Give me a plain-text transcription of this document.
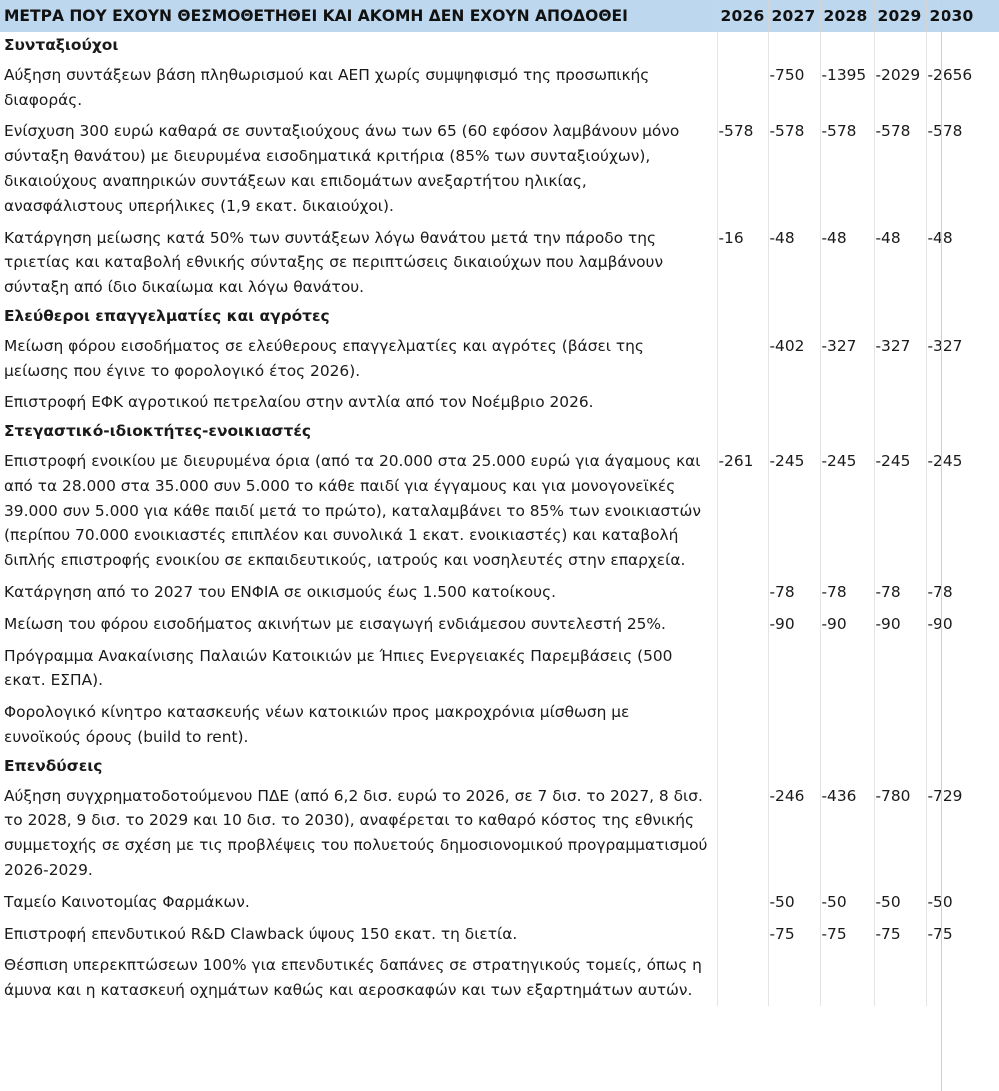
ΜΕΤΡΑ ΠΟΥ ΕΧΟΥΝ ΘΕΣΜΟΘΕΤΗΘΕΙ ΚΑΙ ΑΚΟΜΗ ΔΕΝ ΕΧΟΥΝ ΑΠΟΔΟΘΕΙ	2026	2027	2028	2029	2030
Συνταξιούχοι					
Αύξηση συντάξεων βάση πληθωρισμού και ΑΕΠ χωρίς συμψηφισμό της προσωπικής διαφοράς.		-750	-1395	-2029	-2656
Ενίσχυση 300 ευρώ καθαρά σε συνταξιούχους άνω των 65 (60 εφόσον λαμβάνουν μόνο σύνταξη θανάτου) με διευρυμένα εισοδηματικά κριτήρια (85% των συνταξιούχων), δικαιούχους αναπηρικών συντάξεων και επιδομάτων ανεξαρτήτου ηλικίας, ανασφάλιστους υπερήλικες (1,9 εκατ. δικαιούχοι).	-578	-578	-578	-578	-578
Κατάργηση μείωσης κατά 50% των συντάξεων λόγω θανάτου μετά την πάροδο της τριετίας και καταβολή εθνικής σύνταξης σε περιπτώσεις δικαιούχων που λαμβάνουν σύνταξη από ίδιο δικαίωμα και λόγω θανάτου.	-16	-48	-48	-48	-48
Ελεύθεροι επαγγελματίες και αγρότες					
Μείωση φόρου εισοδήματος σε ελεύθερους επαγγελματίες και αγρότες (βάσει της μείωσης που έγινε το φορολογικό έτος 2026).		-402	-327	-327	-327
Επιστροφή ΕΦΚ αγροτικού πετρελαίου στην αντλία από τον Νοέμβριο 2026.					
Στεγαστικό-ιδιοκτήτες-ενοικιαστές					
Επιστροφή ενοικίου με διευρυμένα όρια (από τα 20.000 στα 25.000 ευρώ για άγαμους και από τα 28.000 στα 35.000 συν 5.000 το κάθε παιδί για έγγαμους και για μονογονεϊκές 39.000 συν 5.000 για κάθε παιδί μετά το πρώτο), καταλαμβάνει το 85% των ενοικιαστών (περίπου 70.000 ενοικιαστές επιπλέον και συνολικά 1 εκατ. ενοικιαστές) και καταβολή διπλής επιστροφής ενοικίου σε εκπαιδευτικούς, ιατρούς και νοσηλευτές στην επαρχεία.	-261	-245	-245	-245	-245
Κατάργηση από το 2027 του ΕΝΦΙΑ σε οικισμούς έως 1.500 κατοίκους.		-78	-78	-78	-78
Μείωση του φόρου εισοδήματος ακινήτων με εισαγωγή ενδιάμεσου συντελεστή 25%.		-90	-90	-90	-90
Πρόγραμμα Ανακαίνισης Παλαιών Κατοικιών με Ήπιες Ενεργειακές Παρεμβάσεις (500 εκατ. ΕΣΠΑ).					
Φορολογικό κίνητρο κατασκευής νέων κατοικιών προς μακροχρόνια μίσθωση με ευνοϊκούς όρους (build to rent).					
Επενδύσεις					
Αύξηση συγχρηματοδοτούμενου ΠΔΕ (από 6,2 δισ. ευρώ το 2026, σε 7 δισ. το 2027, 8 δισ. το 2028, 9 δισ. το 2029 και 10 δισ. το 2030), αναφέρεται το καθαρό κόστος της εθνικής συμμετοχής σε σχέση με τις προβλέψεις του πολυετούς δημοσιονομικού προγραμματισμού 2026-2029.		-246	-436	-780	-729
Ταμείο Καινοτομίας Φαρμάκων.		-50	-50	-50	-50
Επιστροφή επενδυτικού R&D Clawback ύψους 150 εκατ. τη διετία.		-75	-75	-75	-75
Θέσπιση υπερεκπτώσεων 100% για επενδυτικές δαπάνες σε στρατηγικούς τομείς, όπως η άμυνα και η κατασκευή οχημάτων καθώς και αεροσκαφών και των εξαρτημάτων αυτών.					
